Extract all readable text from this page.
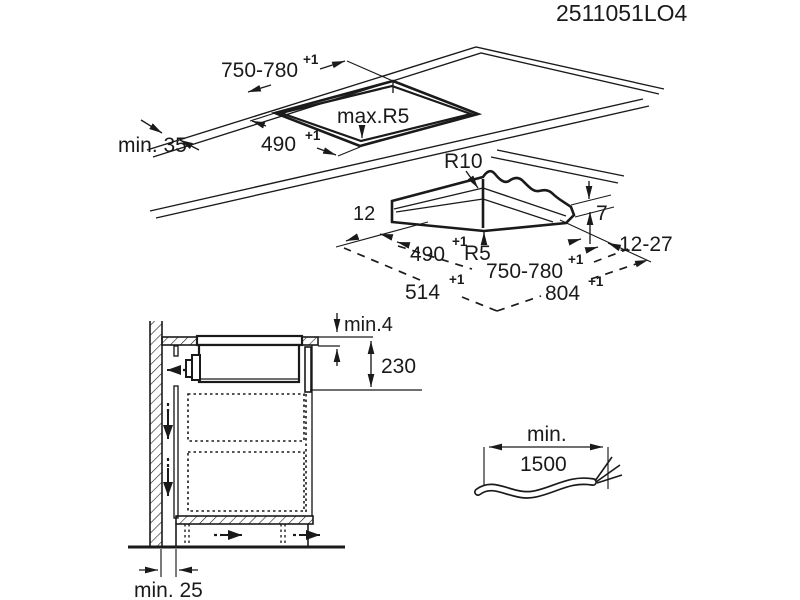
2511051LO4
750-780 +1
490 +1
min. 35
max.R5
R10
R5
7
12
12-27
490
+1
750-780
+1
514
+1
804
+1
min.4
230
min. 25
min.
1500
